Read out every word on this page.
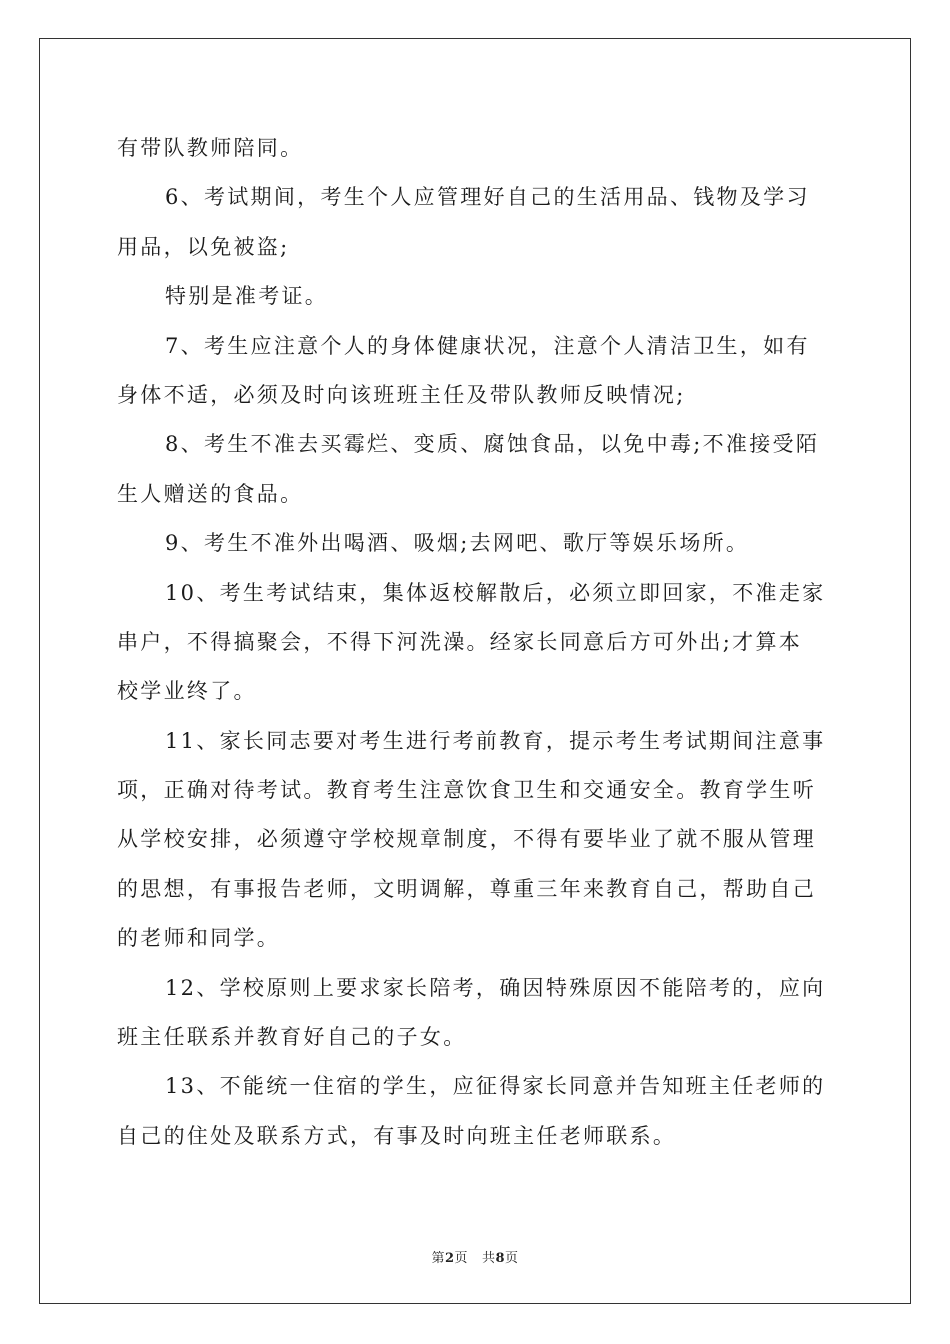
有带队教师陪同。
6、考试期间，考生个人应管理好自己的生活用品、钱物及学习
用品，以免被盗;
特别是准考证。
7、考生应注意个人的身体健康状况，注意个人清洁卫生，如有
身体不适，必须及时向该班班主任及带队教师反映情况;
8、考生不准去买霉烂、变质、腐蚀食品，以免中毒;不准接受陌
生人赠送的食品。
9、考生不准外出喝酒、吸烟;去网吧、歌厅等娱乐场所。
10、考生考试结束，集体返校解散后，必须立即回家，不准走家
串户，不得搞聚会，不得下河洗澡。经家长同意后方可外出;才算本
校学业终了。
11、家长同志要对考生进行考前教育，提示考生考试期间注意事
项，正确对待考试。教育考生注意饮食卫生和交通安全。教育学生听
从学校安排，必须遵守学校规章制度，不得有要毕业了就不服从管理
的思想，有事报告老师，文明调解，尊重三年来教育自己，帮助自己
的老师和同学。
12、学校原则上要求家长陪考，确因特殊原因不能陪考的，应向
班主任联系并教育好自己的子女。
13、不能统一住宿的学生，应征得家长同意并告知班主任老师的
自己的住处及联系方式，有事及时向班主任老师联系。
第2页 共8页
